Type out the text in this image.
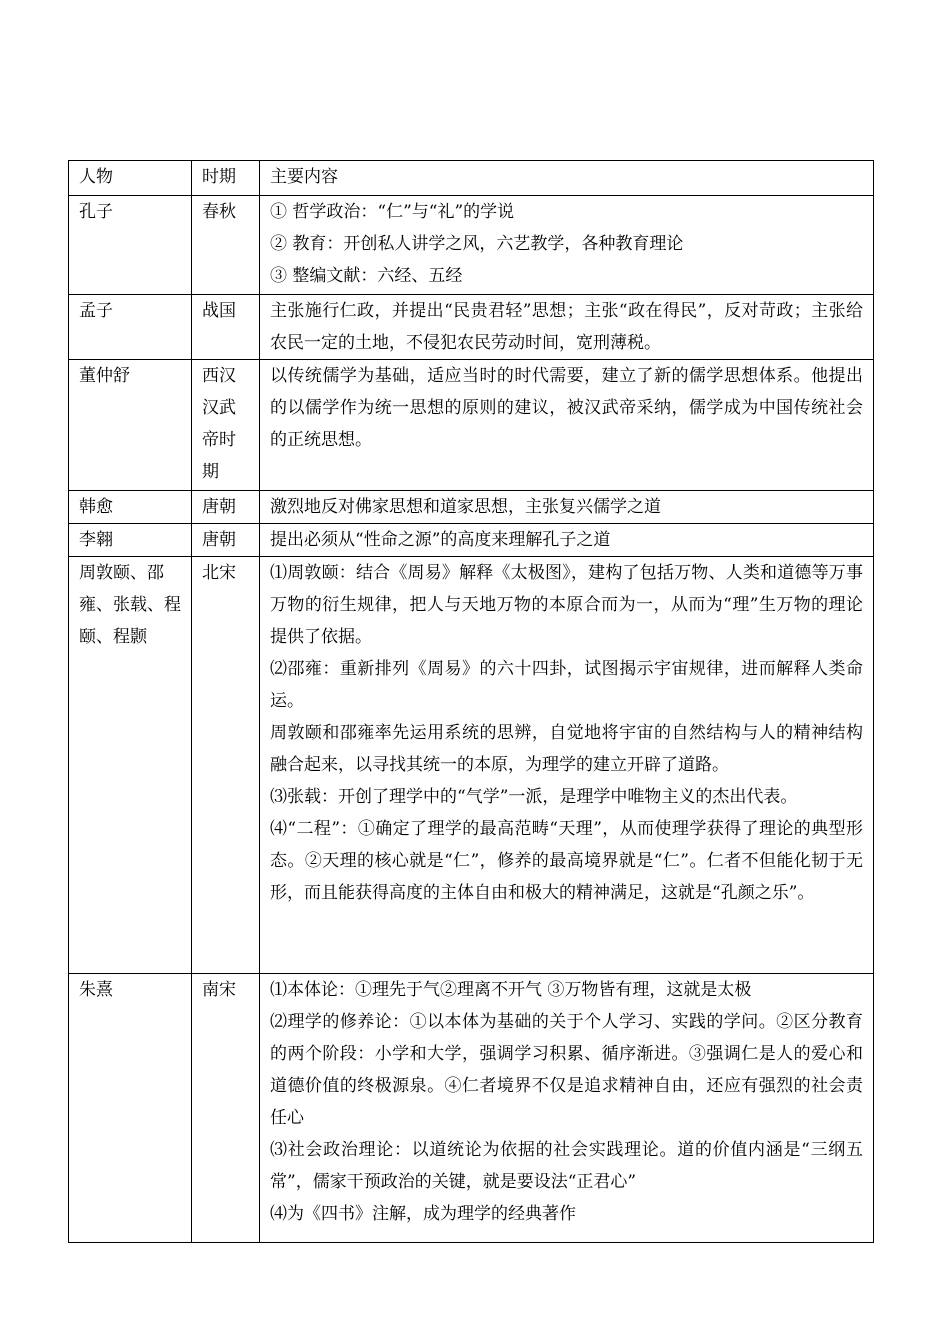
人物	时期	主要内容
孔子	春秋	① 哲学政治：“仁”与“礼”的学说
② 教育：开创私人讲学之风，六艺教学，各种教育理论
③ 整编文献：六经、五经

孟子	战国	主张施行仁政，并提出“民贵君轻”思想；主张“政在得民”，反对苛政；主张给农民一定的土地，不侵犯农民劳动时间，宽刑薄税。

董仲舒	西汉汉武帝时期	以传统儒学为基础，适应当时的时代需要，建立了新的儒学思想体系。他提出的以儒学作为统一思想的原则的建议，被汉武帝采纳，儒学成为中国传统社会的正统思想。

韩愈	唐朝	激烈地反对佛家思想和道家思想，主张复兴儒学之道

李翱	唐朝	提出必须从“性命之源”的高度来理解孔子之道

周敦颐、邵雍、张载、程颐、程颢	北宋	⑴周敦颐：结合《周易》解释《太极图》，建构了包括万物、人类和道德等万事万物的衍生规律，把人与天地万物的本原合而为一，从而为“理”生万物的理论提供了依据。
⑵邵雍：重新排列《周易》的六十四卦，试图揭示宇宙规律，进而解释人类命运。
周敦颐和邵雍率先运用系统的思辨，自觉地将宇宙的自然结构与人的精神结构融合起来，以寻找其统一的本原，为理学的建立开辟了道路。
⑶张载：开创了理学中的“气学”一派，是理学中唯物主义的杰出代表。
⑷“二程”：①确定了理学的最高范畴“天理”，从而使理学获得了理论的典型形态。②天理的核心就是“仁”，修养的最高境界就是“仁”。仁者不但能化韧于无形，而且能获得高度的主体自由和极大的精神满足，这就是“孔颜之乐”。

朱熹	南宋	⑴本体论：①理先于气②理离不开气 ③万物皆有理，这就是太极
⑵理学的修养论：①以本体为基础的关于个人学习、实践的学问。②区分教育的两个阶段：小学和大学，强调学习积累、循序渐进。③强调仁是人的爱心和道德价值的终极源泉。④仁者境界不仅是追求精神自由，还应有强烈的社会责任心
⑶社会政治理论：以道统论为依据的社会实践理论。道的价值内涵是“三纲五常”，儒家干预政治的关键，就是要设法“正君心”
⑷为《四书》注解，成为理学的经典著作
